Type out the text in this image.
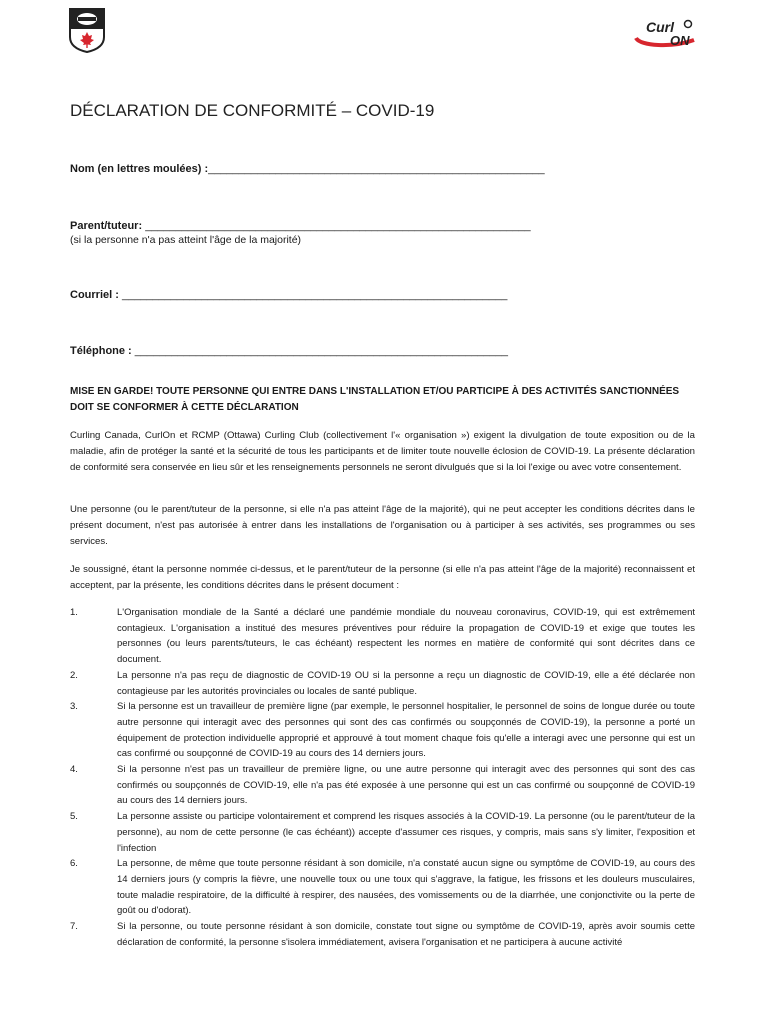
Curl
ON
DÉCLARATION DE CONFORMITÉ – COVID-19
Nom (en lettres moulées) :_______________________________________________________
Parent/tuteur: _______________________________________________________________
(si la personne n'a pas atteint l'âge de la majorité)
Courriel : _______________________________________________________________
Téléphone : _____________________________________________________________
MISE EN GARDE! TOUTE PERSONNE QUI ENTRE DANS L'INSTALLATION ET/OU PARTICIPE À DES ACTIVITÉS SANCTIONNÉES DOIT SE CONFORMER À CETTE DÉCLARATION
Curling Canada, CurlOn et RCMP (Ottawa) Curling Club (collectivement l'« organisation ») exigent la divulgation de toute exposition ou de la maladie, afin de protéger la santé et la sécurité de tous les participants et de limiter toute nouvelle éclosion de COVID-19. La présente déclaration de conformité sera conservée en lieu sûr et les renseignements personnels ne seront divulgués que si la loi l'exige ou avec votre consentement.
Une personne (ou le parent/tuteur de la personne, si elle n'a pas atteint l'âge de la majorité), qui ne peut accepter les conditions décrites dans le présent document, n'est pas autorisée à entrer dans les installations de l'organisation ou à participer à ses activités, ses programmes ou ses services.
Je soussigné, étant la personne nommée ci-dessus, et le parent/tuteur de la personne (si elle n'a pas atteint l'âge de la majorité) reconnaissent et acceptent, par la présente, les conditions décrites dans le présent document :
1.	L'Organisation mondiale de la Santé a déclaré une pandémie mondiale du nouveau coronavirus, COVID-19, qui est extrêmement contagieux. L'organisation a institué des mesures préventives pour réduire la propagation de COVID-19 et exige que toutes les personnes (ou leurs parents/tuteurs, le cas échéant) respectent les normes en matière de conformité qui sont décrites dans ce document.
2.	La personne n'a pas reçu de diagnostic de COVID-19 OU si la personne a reçu un diagnostic de COVID-19, elle a été déclarée non contagieuse par les autorités provinciales ou locales de santé publique.
3.	Si la personne est un travailleur de première ligne (par exemple, le personnel hospitalier, le personnel de soins de longue durée ou toute autre personne qui interagit avec des personnes qui sont des cas confirmés ou soupçonnés de COVID-19), la personne a porté un équipement de protection individuelle approprié et approuvé à tout moment chaque fois qu'elle a interagi avec une personne qui est un cas confirmé ou soupçonné de COVID-19 au cours des 14 derniers jours.
4.	Si la personne n'est pas un travailleur de première ligne, ou une autre personne qui interagit avec des personnes qui sont des cas confirmés ou soupçonnés de COVID-19, elle n'a pas été exposée à une personne qui est un cas confirmé ou soupçonné de COVID-19 au cours des 14 derniers jours.
5.	La personne assiste ou participe volontairement et comprend les risques associés à la COVID-19. La personne (ou le parent/tuteur de la personne), au nom de cette personne (le cas échéant)) accepte d'assumer ces risques, y compris, mais sans s'y limiter, l'exposition et l'infection
6.	La personne, de même que toute personne résidant à son domicile, n'a constaté aucun signe ou symptôme de COVID-19, au cours des 14 derniers jours (y compris la fièvre, une nouvelle toux ou une toux qui s'aggrave, la fatigue, les frissons et les douleurs musculaires, toute maladie respiratoire, de la difficulté à respirer, des nausées, des vomissements ou de la diarrhée, une conjonctivite ou la perte de goût ou d'odorat).
7.	Si la personne, ou toute personne résidant à son domicile, constate tout signe ou symptôme de COVID-19, après avoir soumis cette déclaration de conformité, la personne s'isolera immédiatement, avisera l'organisation et ne participera à aucune activité
